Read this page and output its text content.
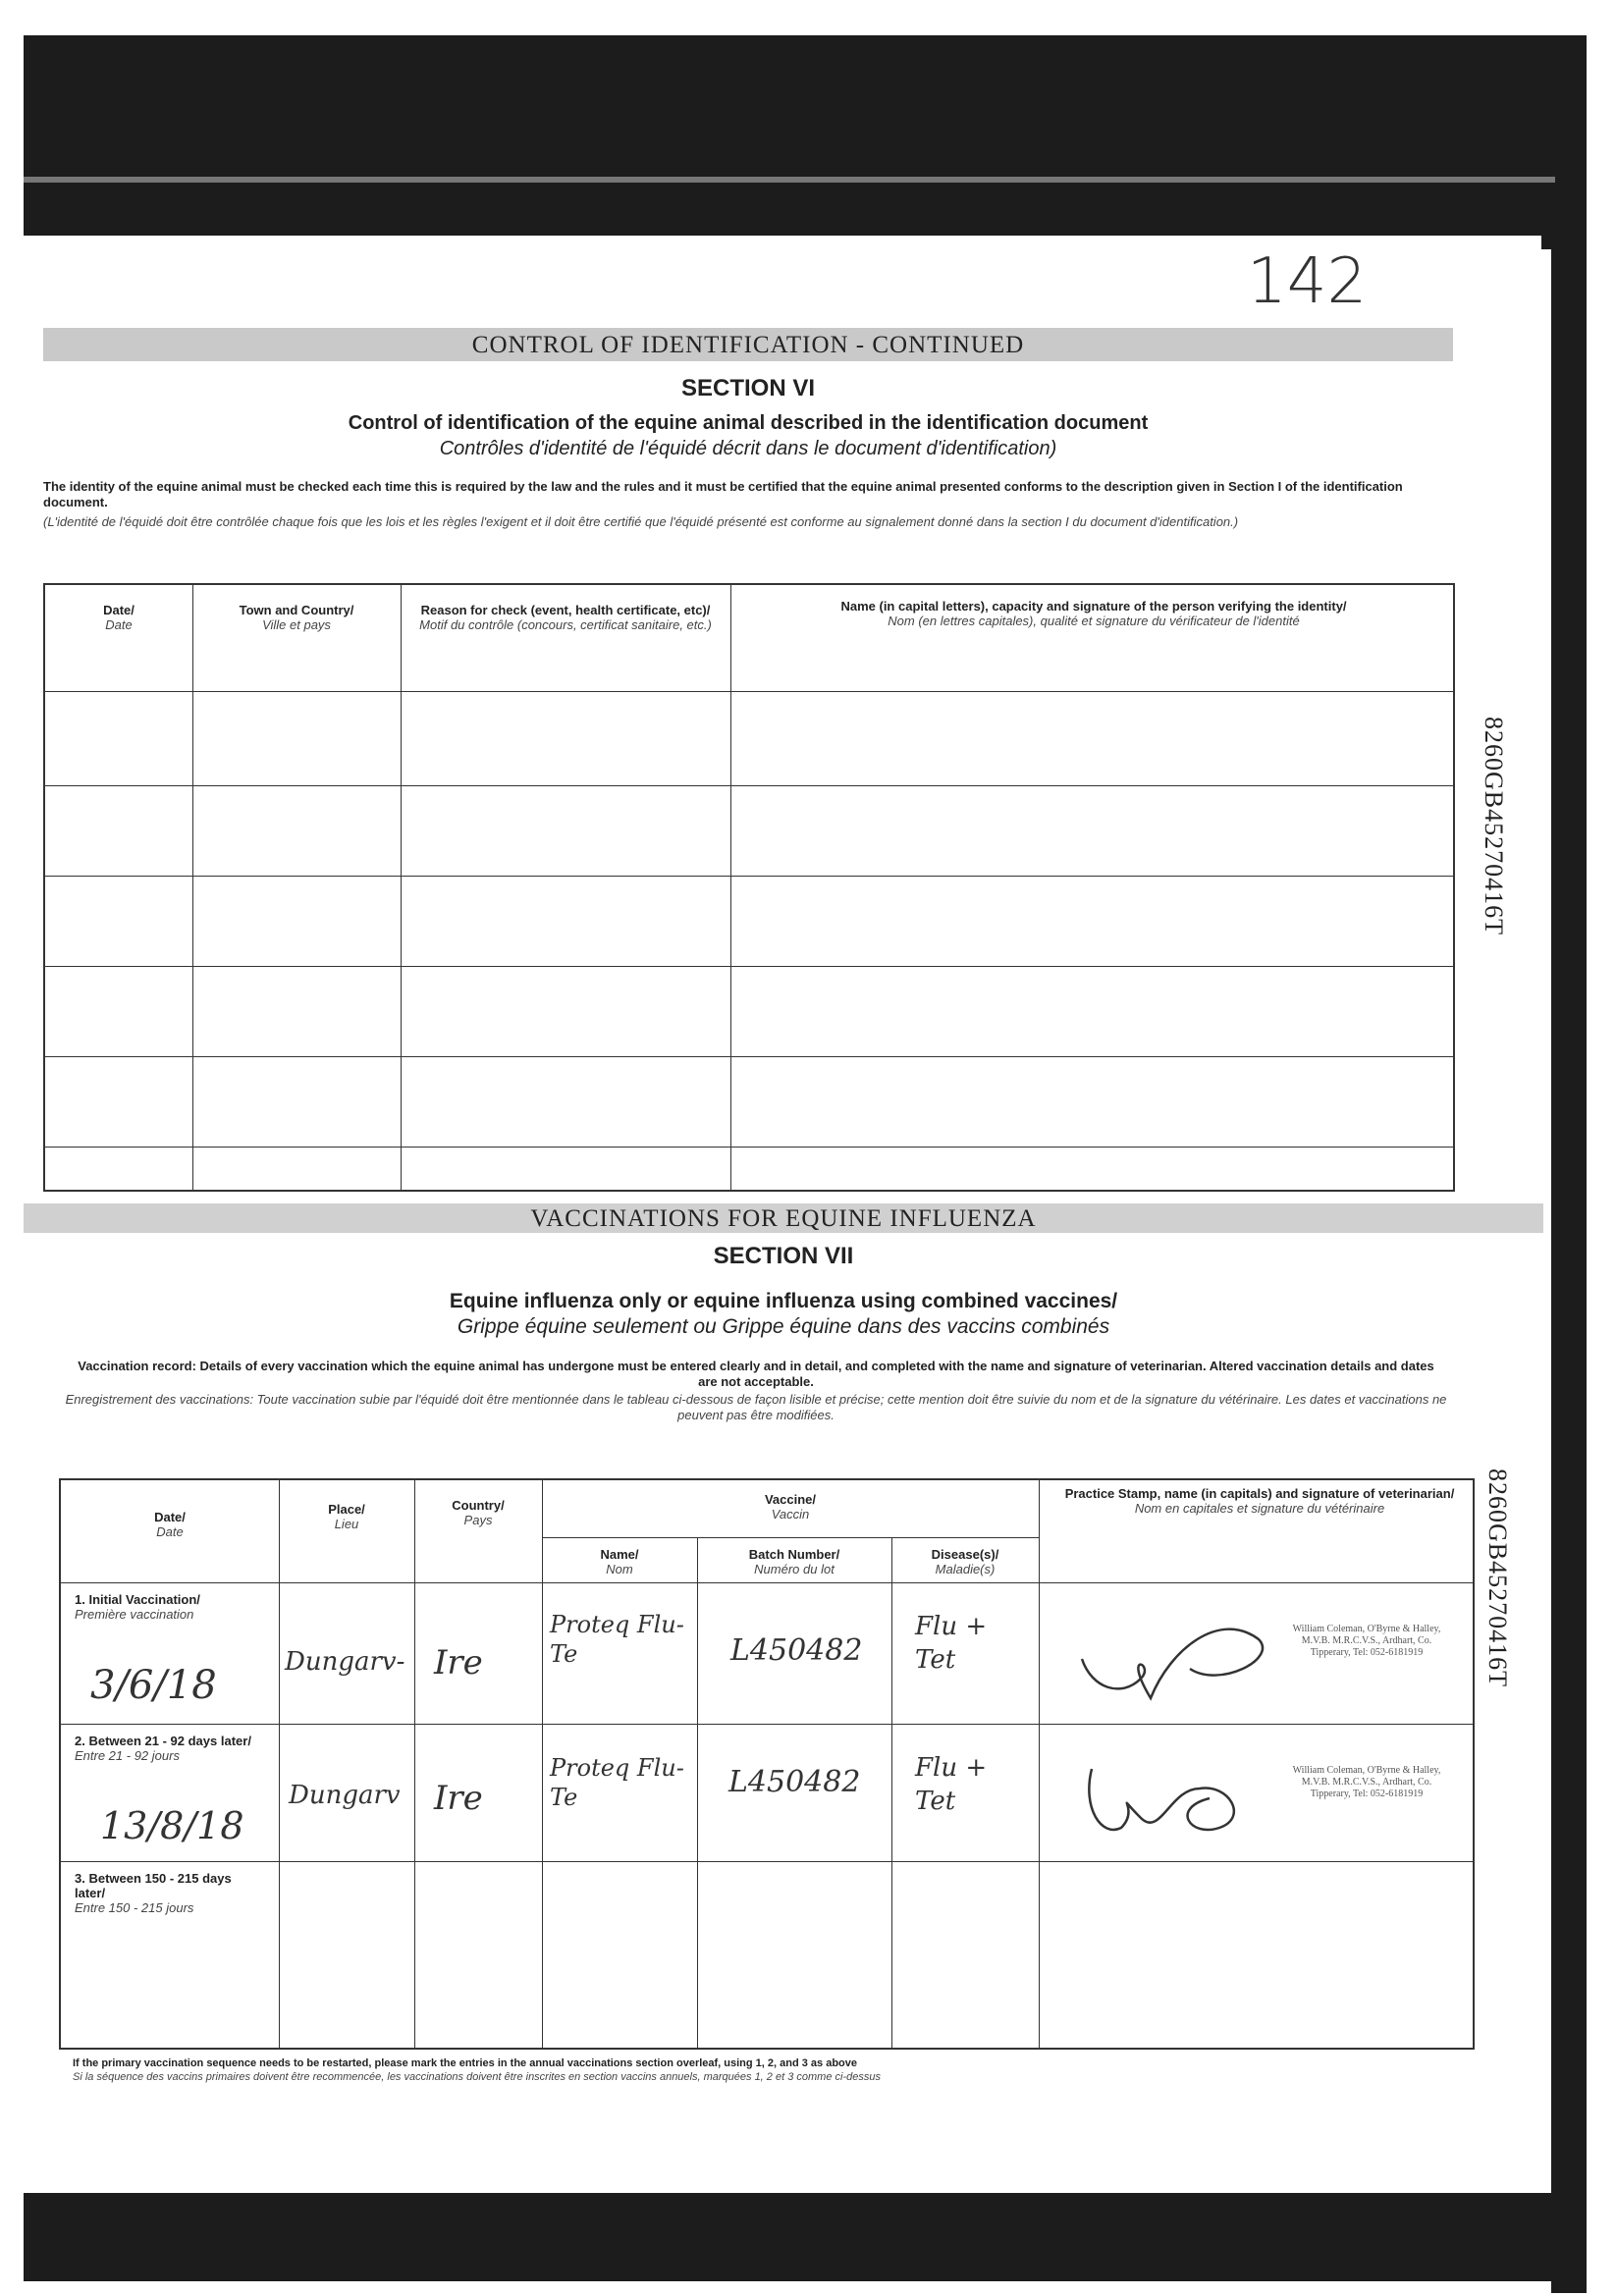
142
CONTROL OF IDENTIFICATION - CONTINUED
SECTION VI
Control of identification of the equine animal described in the identification document
Contrôles d'identité de l'équidé décrit dans le document d'identification)
The identity of the equine animal must be checked each time this is required by the law and the rules and it must be certified that the equine animal presented conforms to the description given in Section I of the identification document.
(L'identité de l'équidé doit être contrôlée chaque fois que les lois et les règles l'exigent et il doit être certifié que l'équidé présenté est conforme au signalement donné dans la section I du document d'identification.)
Date/
Date
Town and Country/
Ville et pays
Reason for check (event, health certificate, etc)/
Motif du contrôle (concours, certificat sanitaire, etc.)
Name (in capital letters), capacity and signature of the person verifying the identity/
Nom (en lettres capitales), qualité et signature du vérificateur de l'identité
8260GB45270416T
VACCINATIONS FOR EQUINE INFLUENZA
SECTION VII
Equine influenza only or equine influenza using combined vaccines/
Grippe équine seulement ou Grippe équine dans des vaccins combinés
Vaccination record: Details of every vaccination which the equine animal has undergone must be entered clearly and in detail, and completed with the name and signature of veterinarian. Altered vaccination details and dates are not acceptable.
Enregistrement des vaccinations: Toute vaccination subie par l'équidé doit être mentionnée dans le tableau ci-dessous de façon lisible et précise; cette mention doit être suivie du nom et de la signature du vétérinaire. Les dates et vaccinations ne peuvent pas être modifiées.
Date/
Date
Place/
Lieu
Country/
Pays
Vaccine/
Vaccin
Name/
Nom
Batch Number/
Numéro du lot
Disease(s)/
Maladie(s)
Practice Stamp, name (in capitals) and signature of veterinarian/
Nom en capitales et signature du vétérinaire
1. Initial Vaccination/
Première vaccination
3/6/18
Dungarv- Ire
Proteq Flu-Te	L450482
Flu + Tet
William Coleman, O'Byrne & Halley, M.V.B. M.R.C.V.S., Ardhart, Co. Tipperary, Tel: 052-6181919
2. Between 21 - 92 days later/
Entre 21 - 92 jours
13/8/18
Dungarv Ire
Proteq Flu-Te	L450482 Flu + Tet
William Coleman, O'Byrne & Halley, M.V.B. M.R.C.V.S., Ardhart, Co. Tipperary, Tel: 052-6181919
3. Between 150 - 215 days later/
Entre 150 - 215 jours
If the primary vaccination sequence needs to be restarted, please mark the entries in the annual vaccinations section overleaf, using 1, 2, and 3 as above
Si la séquence des vaccins primaires doivent être recommencée, les vaccinations doivent être inscrites en section vaccins annuels, marquées 1, 2 et 3 comme ci-dessus
8260GB45270416T
